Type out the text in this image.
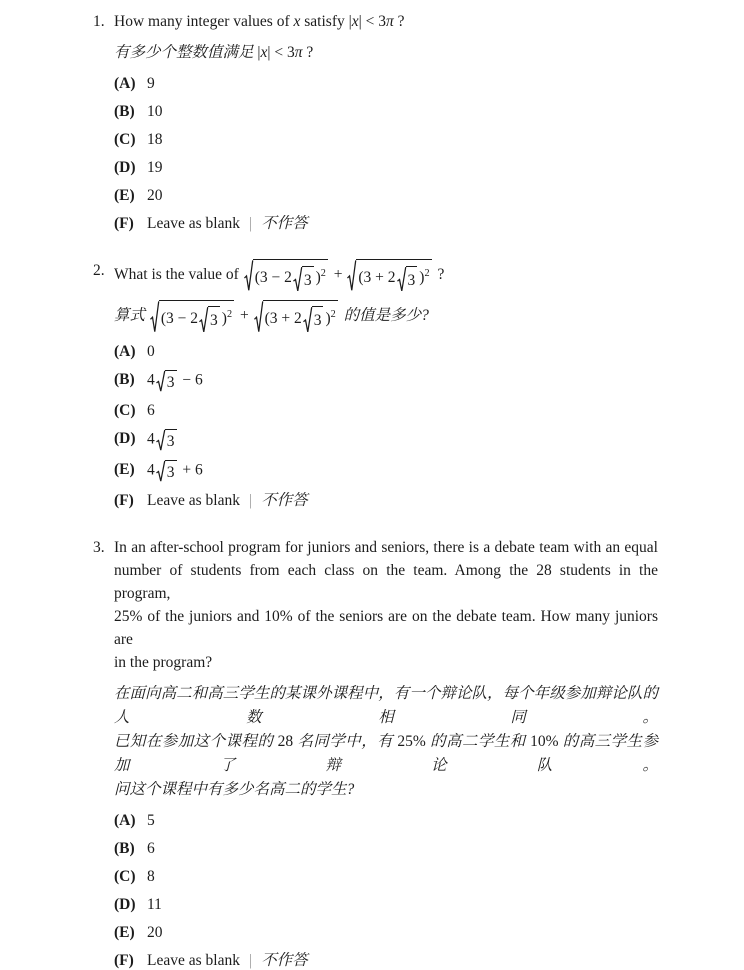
1. How many integer values of x satisfy |x| < 3π ?
有多少个整数值满足 |x| < 3π ?
(A) 9
(B) 10
(C) 18
(D) 19
(E) 20
(F) Leave as blank | 不作答
2. What is the value of (3 − 2 3 )$^2$ + (3 + 2 3 )$^2$ ?
算式 (3 − 2 3 )$^2$ + (3 + 2 3 )$^2$ 的值是多少?
(A) 0
(B) 4 3 − 6
(C) 6
(D) 4 3
(E) 4 3 + 6
(F) Leave as blank | 不作答
3. In an after-school program for juniors and seniors, there is a debate team with an equal
number of students from each class on the team. Among the 28 students in the program,
25% of the juniors and 10% of the seniors are on the debate team. How many juniors are
in the program?
在面向高二和高三学生的某课外课程中，有一个辩论队，每个年级参加辩论队的人数相同。
已知在参加这个课程的 28 名同学中，有 25% 的高二学生和 10% 的高三学生参加了辩论队。
问这个课程中有多少名高二的学生?
(A) 5
(B) 6
(C) 8
(D) 11
(E) 20
(F) Leave as blank | 不作答
